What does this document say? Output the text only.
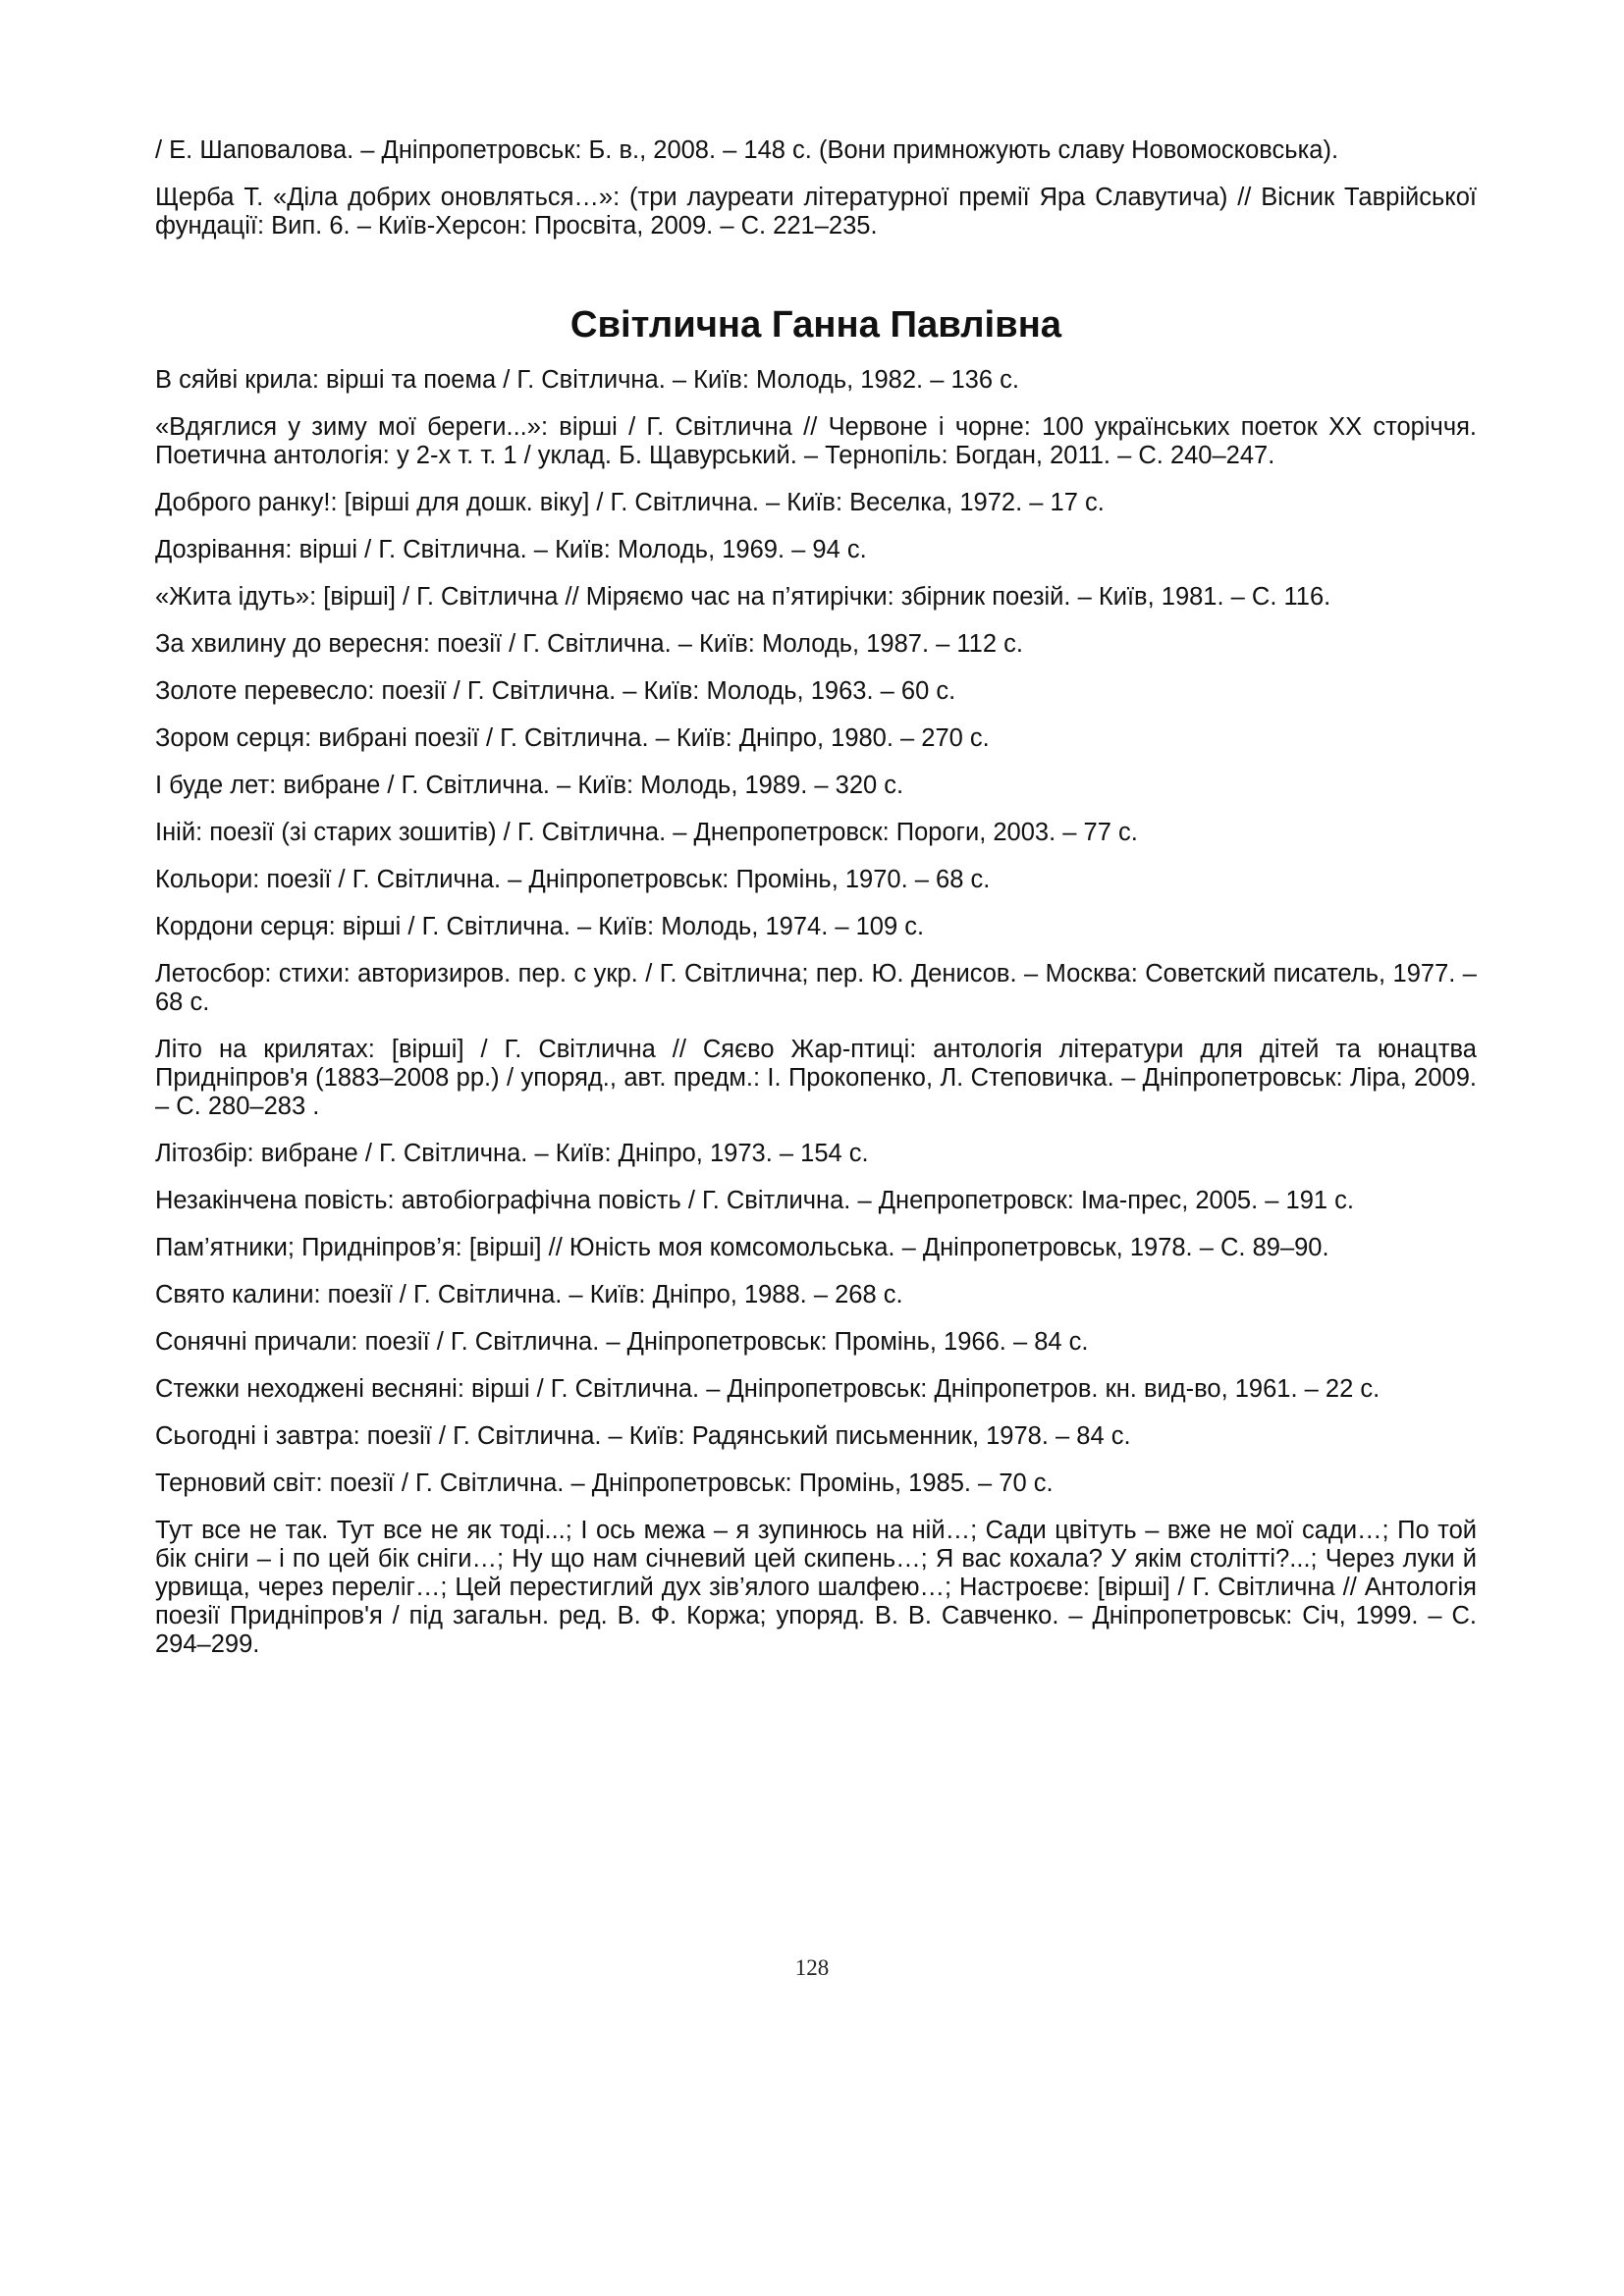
/ Е. Шаповалова. – Дніпропетровськ: Б. в., 2008. – 148 с. (Вони примножують славу Новомосковська).

Щерба Т. «Діла добрих оновляться…»: (три лауреати літературної премії Яра Славутича) // Вісник Таврійської фундації: Вип. 6. – Київ-Херсон: Просвіта, 2009. – С. 221–235.

Світлична Ганна Павлівна

В сяйві крила: вірші та поема / Г. Світлична. – Київ: Молодь, 1982. – 136 с.

«Вдяглися у зиму мої береги...»: вірші / Г. Світлична // Червоне і чорне: 100 українських поеток ХХ сторіччя. Поетична антологія: у 2-х т. т. 1 / уклад. Б. Щавурський. – Тернопіль: Богдан, 2011. – С. 240–247.

Доброго ранку!: [вірші для дошк. віку] / Г. Світлична. – Київ: Веселка, 1972. – 17 с.

Дозрівання: вірші / Г. Світлична. – Київ: Молодь, 1969. – 94 с.

«Жита ідуть»: [вірші] / Г. Світлична // Міряємо час на п’ятирічки: збірник поезій. – Київ, 1981. – С. 116.

За хвилину до вересня: поезії / Г. Світлична. – Київ: Молодь, 1987. – 112 с.

Золоте перевесло: поезії / Г. Світлична. – Київ: Молодь, 1963. – 60 с.

Зором серця: вибрані поезії / Г. Світлична. – Київ: Дніпро, 1980. – 270 с.

І буде лет: вибране / Г. Світлична. – Київ: Молодь, 1989. – 320 с.

Іній: поезії (зі старих зошитів) / Г. Світлична. – Днепропетровск: Пороги, 2003. – 77 с.

Кольори: поезії / Г. Світлична. – Дніпропетровськ: Промінь, 1970. – 68 с.

Кордони серця: вірші / Г. Світлична. – Київ: Молодь, 1974. – 109 с.

Летосбор: стихи: авторизиров. пер. с укр. / Г. Світлична; пер. Ю. Денисов. – Москва: Советский писатель, 1977. – 68 с.

Літо на крилятах: [вірші] / Г. Світлична // Сяєво Жар-птиці: антологія літератури для дітей та юнацтва Придніпров'я (1883–2008 рр.) / упоряд., авт. предм.: І. Прокопенко, Л. Степовичка. – Дніпропетровськ: Ліра, 2009. – С. 280–283 .

Літозбір: вибране / Г. Світлична. – Київ: Дніпро, 1973. – 154 с.

Незакінчена повість: автобіографічна повість / Г. Світлична. – Днепропетровск: Іма-прес, 2005. – 191 с.

Пам’ятники; Придніпров’я: [вірші] // Юність моя комсомольська. – Дніпропетровськ, 1978. – С. 89–90.

Свято калини: поезії / Г. Світлична. – Київ: Дніпро, 1988. – 268 с.

Сонячні причали: поезії / Г. Світлична. – Дніпропетровськ: Промінь, 1966. – 84 с.

Стежки неходжені весняні: вірші / Г. Світлична. – Дніпропетровськ: Дніпропетров. кн. вид-во, 1961. – 22 с.

Сьогодні і завтра: поезії / Г. Світлична. – Київ: Радянський письменник, 1978. – 84 с.

Терновий світ: поезії / Г. Світлична. – Дніпропетровськ: Промінь, 1985. – 70 с.

Тут все не так. Тут все не як тоді...; І ось межа – я зупинюсь на ній…; Сади цвітуть – вже не мої сади…; По той бік сніги – і по цей бік сніги…; Ну що нам січневий цей скипень…; Я вас кохала? У якім столітті?...; Через луки й урвища, через переліг…; Цей перестиглий дух зів’ялого шалфею…; Настроєве: [вірші] / Г. Світлична // Антологія поезії Придніпров'я / під загальн. ред. В. Ф. Коржа; упоряд. В. В. Савченко. – Дніпропетровськ: Січ, 1999. – С. 294–299.

128
